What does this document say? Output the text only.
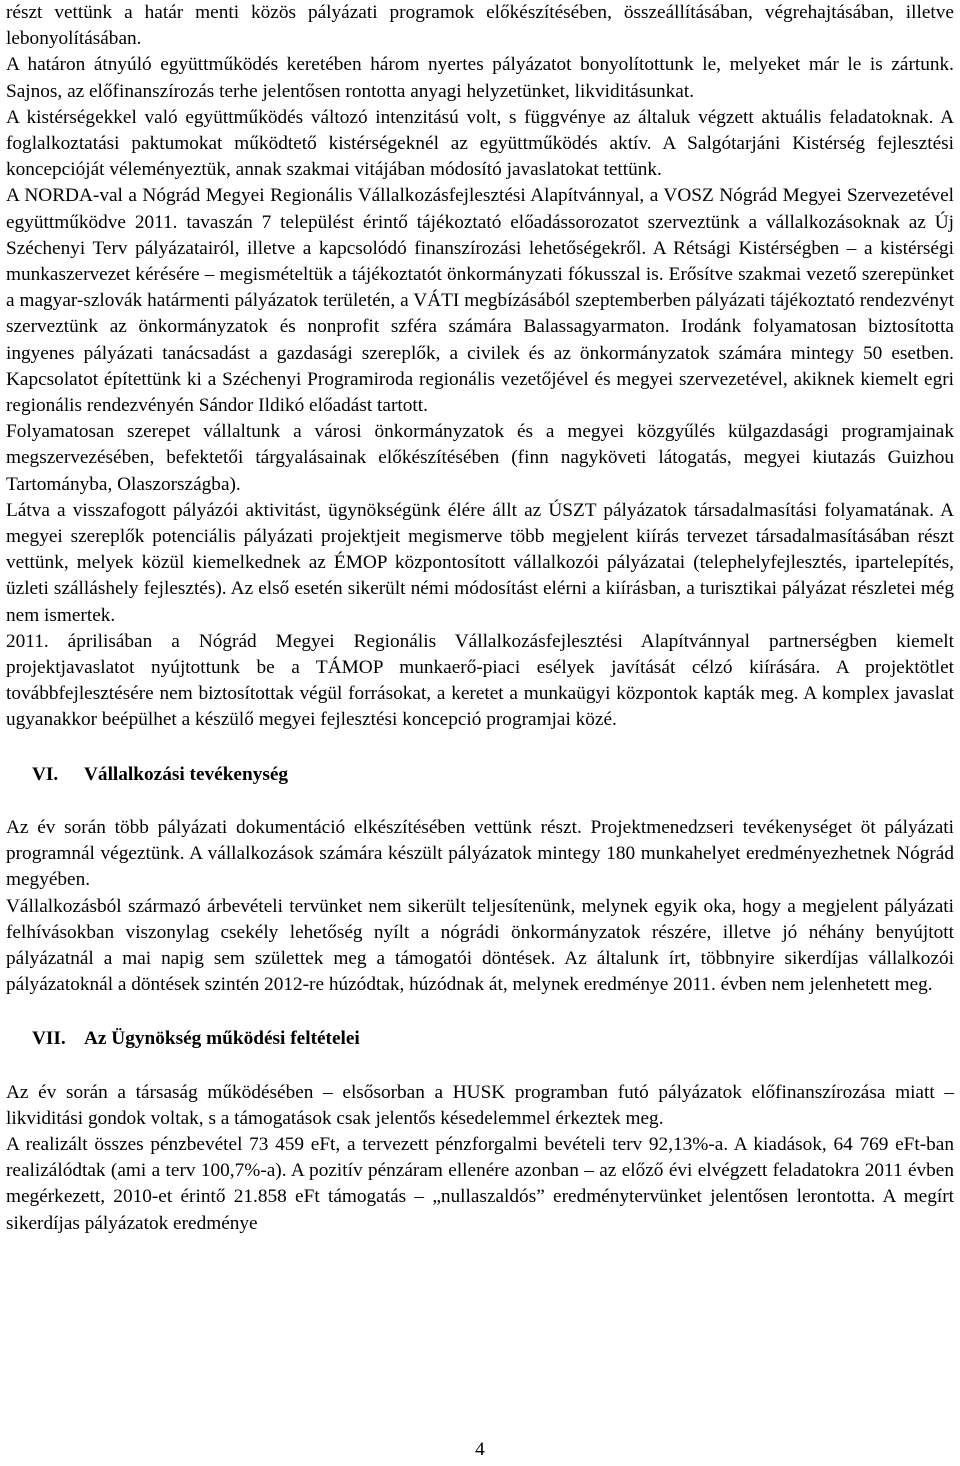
részt vettünk a határ menti közös pályázati programok előkészítésében, összeállításában, végrehajtásában, illetve lebonyolításában.

A határon átnyúló együttműködés keretében három nyertes pályázatot bonyolítottunk le, melyeket már le is zártunk. Sajnos, az előfinanszírozás terhe jelentősen rontotta anyagi helyzetünket, likviditásunkat.

A kistérségekkel való együttműködés változó intenzitású volt, s függvénye az általuk végzett aktuális feladatoknak. A foglalkoztatási paktumokat működtető kistérségeknél az együttműködés aktív. A Salgótarjáni Kistérség fejlesztési koncepcióját véleményeztük, annak szakmai vitájában módosító javaslatokat tettünk.

A NORDA-val a Nógrád Megyei Regionális Vállalkozásfejlesztési Alapítvánnyal, a VOSZ Nógrád Megyei Szervezetével együttműködve 2011. tavaszán 7 települést érintő tájékoztató előadássorozatot szerveztünk a vállalkozásoknak az Új Széchenyi Terv pályázatairól, illetve a kapcsolódó finanszírozási lehetőségekről. A Rétsági Kistérségben – a kistérségi munkaszervezet kérésére – megismételtük a tájékoztatót önkormányzati fókusszal is. Erősítve szakmai vezető szerepünket a magyar-szlovák határmenti pályázatok területén, a VÁTI megbízásából szeptemberben pályázati tájékoztató rendezvényt szerveztünk az önkormányzatok és nonprofit szféra számára Balassagyarmaton. Irodánk folyamatosan biztosította ingyenes pályázati tanácsadást a gazdasági szereplők, a civilek és az önkormányzatok számára mintegy 50 esetben. Kapcsolatot építettünk ki a Széchenyi Programiroda regionális vezetőjével és megyei szervezetével, akiknek kiemelt egri regionális rendezvényén Sándor Ildikó előadást tartott.

Folyamatosan szerepet vállaltunk a városi önkormányzatok és a megyei közgyűlés külgazdasági programjainak megszervezésében, befektetői tárgyalásainak előkészítésében (finn nagyköveti látogatás, megyei kiutazás Guizhou Tartományba, Olaszországba).

Látva a visszafogott pályázói aktivitást, ügynökségünk élére állt az ÚSZT pályázatok társadalmasítási folyamatának. A megyei szereplők potenciális pályázati projektjeit megismerve több megjelent kiírás tervezet társadalmasításában részt vettünk, melyek közül kiemelkednek az ÉMOP központosított vállalkozói pályázatai (telephelyfejlesztés, ipartelepítés, üzleti szálláshely fejlesztés). Az első esetén sikerült némi módosítást elérni a kiírásban, a turisztikai pályázat részletei még nem ismertek.

2011. áprilisában a Nógrád Megyei Regionális Vállalkozásfejlesztési Alapítvánnyal partnerségben kiemelt projektjavaslatot nyújtottunk be a TÁMOP munkaerő-piaci esélyek javítását célzó kiírására. A projektötlet továbbfejlesztésére nem biztosítottak végül forrásokat, a keretet a munkaügyi központok kapták meg. A komplex javaslat ugyanakkor beépülhet a készülő megyei fejlesztési koncepció programjai közé.

VI.	Vállalkozási tevékenység

Az év során több pályázati dokumentáció elkészítésében vettünk részt. Projektmenedzseri tevékenységet öt pályázati programnál végeztünk. A vállalkozások számára készült pályázatok mintegy 180 munkahelyet eredményezhetnek Nógrád megyében.

Vállalkozásból származó árbevételi tervünket nem sikerült teljesítenünk, melynek egyik oka, hogy a megjelent pályázati felhívásokban viszonylag csekély lehetőség nyílt a nógrádi önkormányzatok részére, illetve jó néhány benyújtott pályázatnál a mai napig sem születtek meg a támogatói döntések. Az általunk írt, többnyire sikerdíjas vállalkozói pályázatoknál a döntések szintén 2012-re húzódtak, húzódnak át, melynek eredménye 2011. évben nem jelenhetett meg.

VII. Az Ügynökség működési feltételei

Az év során a társaság működésében – elsősorban a HUSK programban futó pályázatok előfinanszírozása miatt – likviditási gondok voltak, s a támogatások csak jelentős késedelemmel érkeztek meg.

A realizált összes pénzbevétel 73 459 eFt, a tervezett pénzforgalmi bevételi terv 92,13%-a. A kiadások, 64 769 eFt-ban realizálódtak (ami a terv 100,7%-a). A pozitív pénzáram ellenére azonban – az előző évi elvégzett feladatokra 2011 évben megérkezett, 2010-et érintő 21.858 eFt támogatás – „nullaszaldós” eredménytervünket jelentősen lerontotta. A megírt sikerdíjas pályázatok eredménye

4
